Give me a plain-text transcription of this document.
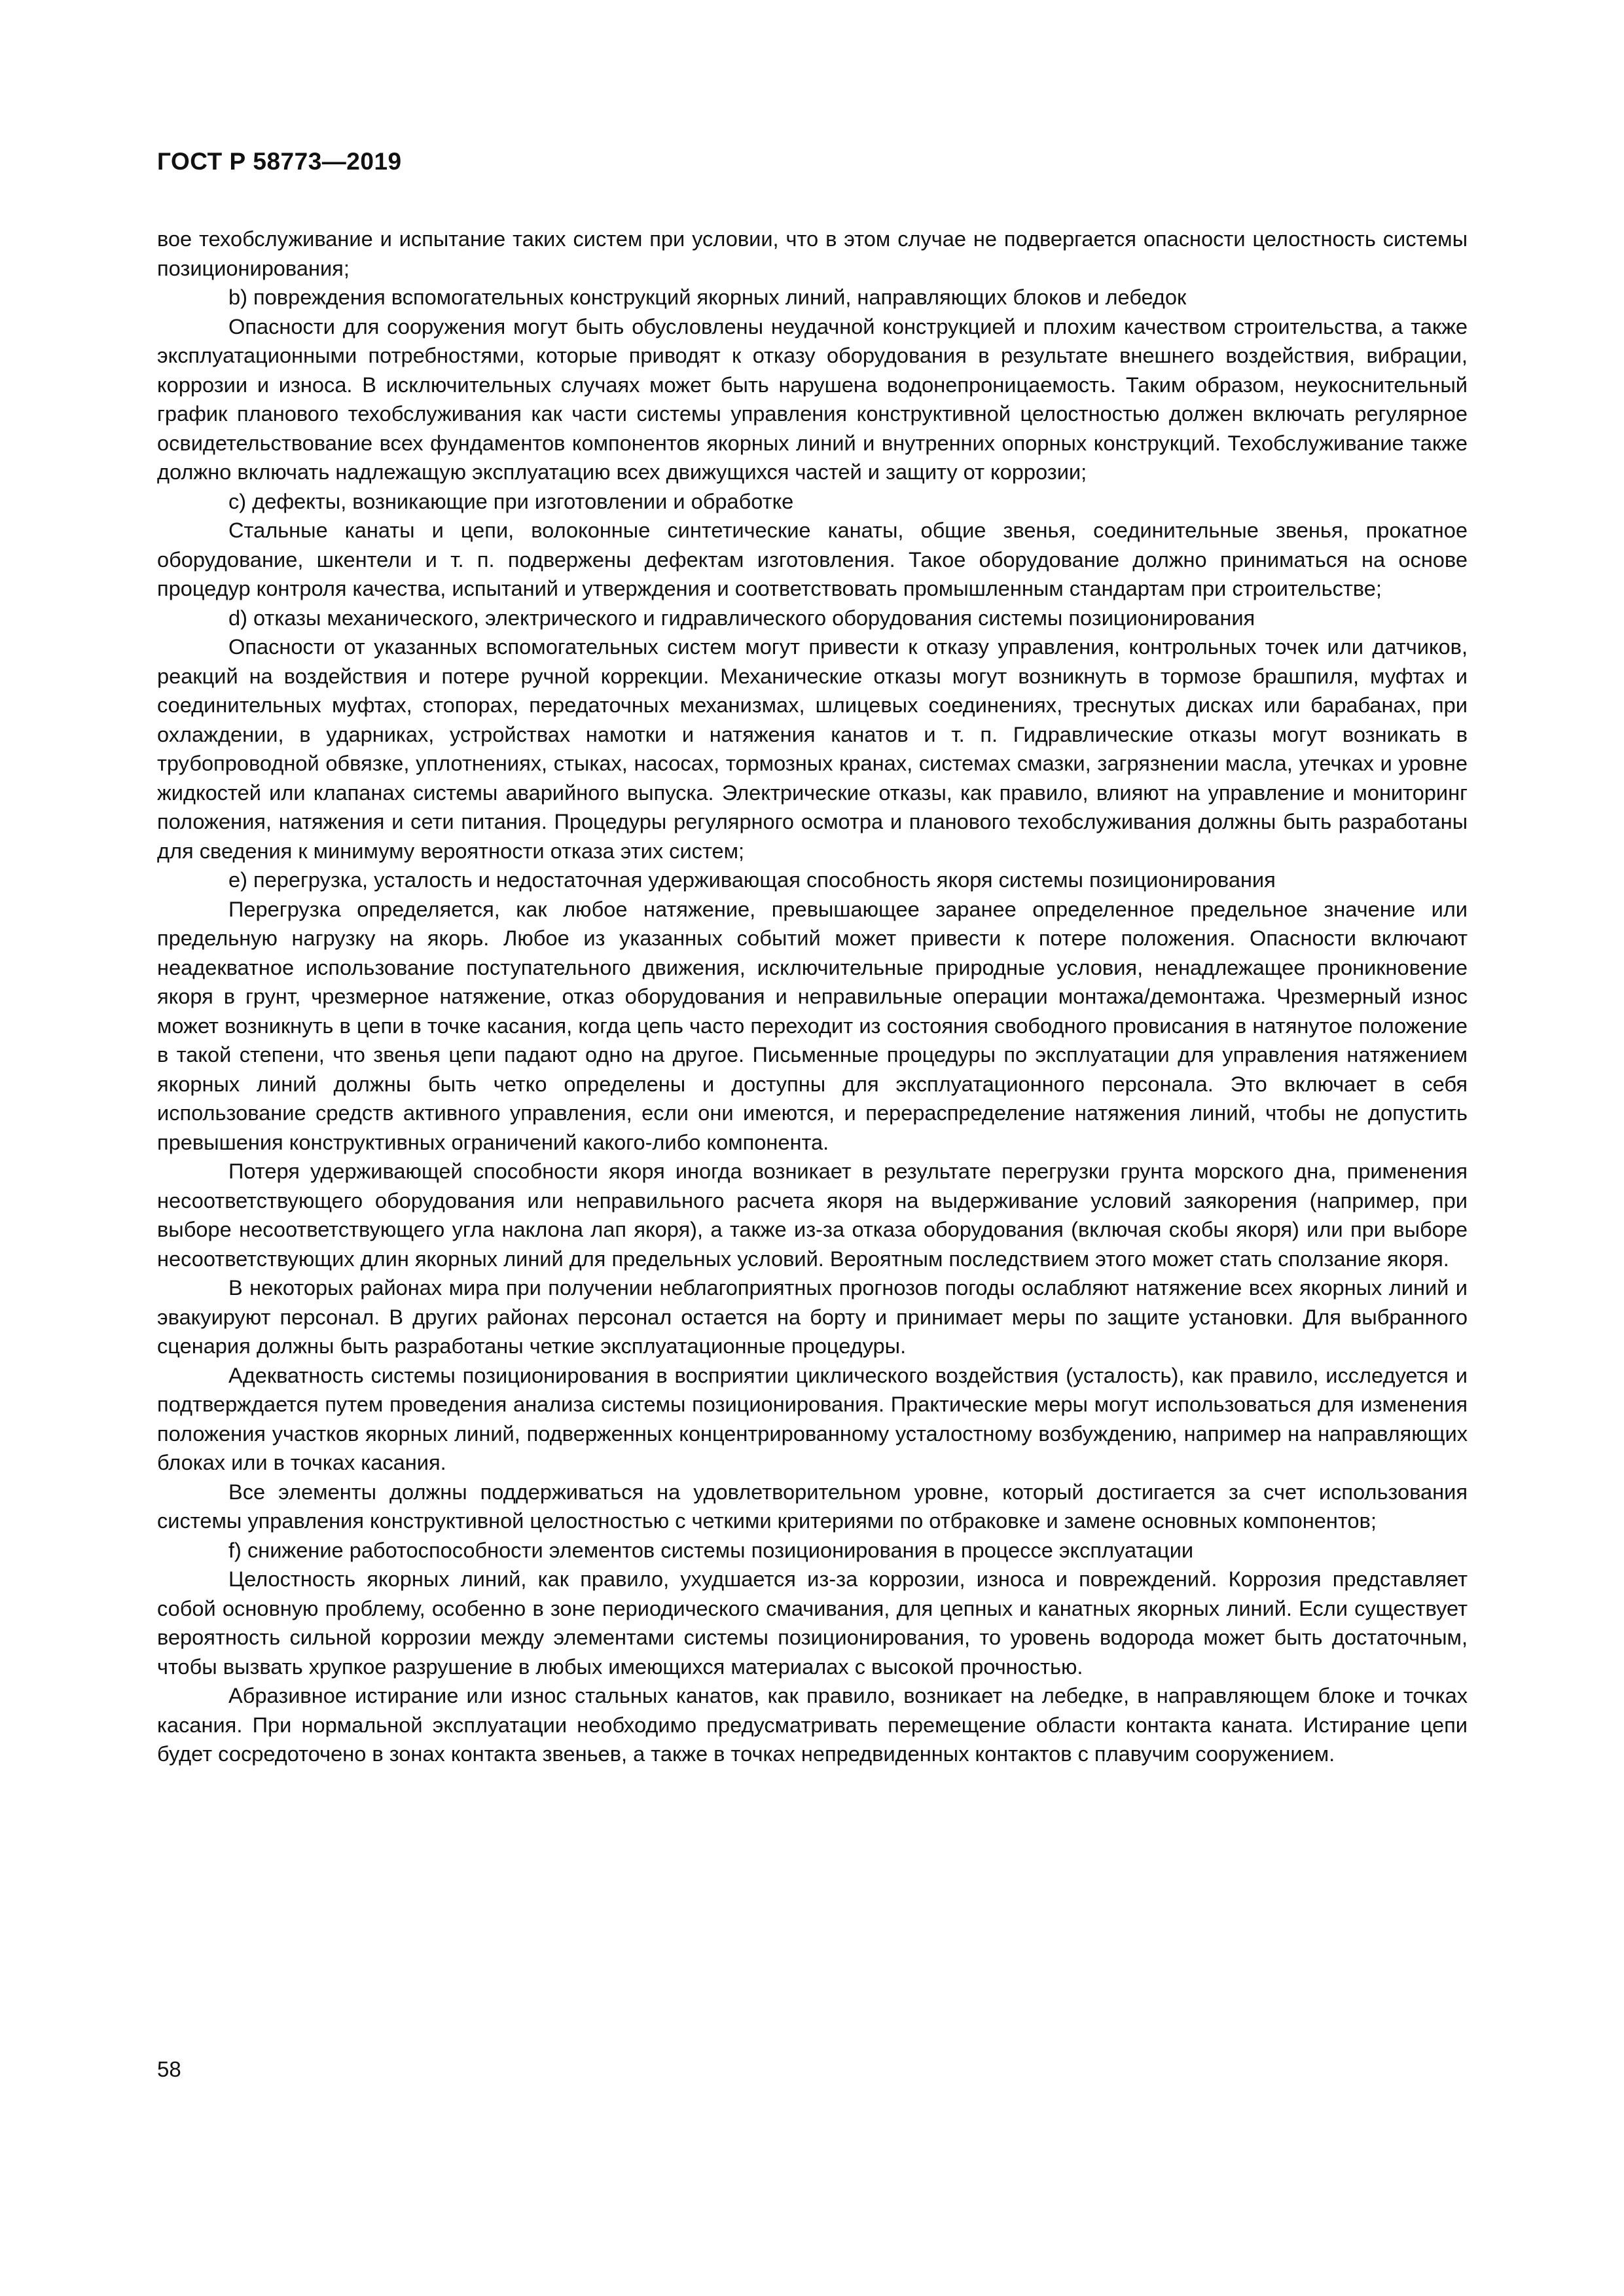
ГОСТ Р 58773—2019

вое техобслуживание и испытание таких систем при условии, что в этом случае не подвергается опасности целостность системы позиционирования;

b) повреждения вспомогательных конструкций якорных линий, направляющих блоков и лебедок

Опасности для сооружения могут быть обусловлены неудачной конструкцией и плохим качеством строительства, а также эксплуатационными потребностями, которые приводят к отказу оборудования в результате внешнего воздействия, вибрации, коррозии и износа. В исключительных случаях может быть нарушена водонепроницаемость. Таким образом, неукоснительный график планового техобслуживания как части системы управления конструктивной целостностью должен включать регулярное освидетельствование всех фундаментов компонентов якорных линий и внутренних опорных конструкций. Техобслуживание также должно включать надлежащую эксплуатацию всех движущихся частей и защиту от коррозии;

c) дефекты, возникающие при изготовлении и обработке

Стальные канаты и цепи, волоконные синтетические канаты, общие звенья, соединительные звенья, прокатное оборудование, шкентели и т. п. подвержены дефектам изготовления. Такое оборудование должно приниматься на основе процедур контроля качества, испытаний и утверждения и соответствовать промышленным стандартам при строительстве;

d) отказы механического, электрического и гидравлического оборудования системы позиционирования

Опасности от указанных вспомогательных систем могут привести к отказу управления, контрольных точек или датчиков, реакций на воздействия и потере ручной коррекции. Механические отказы могут возникнуть в тормозе брашпиля, муфтах и соединительных муфтах, стопорах, передаточных механизмах, шлицевых соединениях, треснутых дисках или барабанах, при охлаждении, в ударниках, устройствах намотки и натяжения канатов и т. п. Гидравлические отказы могут возникать в трубопроводной обвязке, уплотнениях, стыках, насосах, тормозных кранах, системах смазки, загрязнении масла, утечках и уровне жидкостей или клапанах системы аварийного выпуска. Электрические отказы, как правило, влияют на управление и мониторинг положения, натяжения и сети питания. Процедуры регулярного осмотра и планового техобслуживания должны быть разработаны для сведения к минимуму вероятности отказа этих систем;

e) перегрузка, усталость и недостаточная удерживающая способность якоря системы позиционирования

Перегрузка определяется, как любое натяжение, превышающее заранее определенное предельное значение или предельную нагрузку на якорь. Любое из указанных событий может привести к потере положения. Опасности включают неадекватное использование поступательного движения, исключительные природные условия, ненадлежащее проникновение якоря в грунт, чрезмерное натяжение, отказ оборудования и неправильные операции монтажа/демонтажа. Чрезмерный износ может возникнуть в цепи в точке касания, когда цепь часто переходит из состояния свободного провисания в натянутое положение в такой степени, что звенья цепи падают одно на другое. Письменные процедуры по эксплуатации для управления натяжением якорных линий должны быть четко определены и доступны для эксплуатационного персонала. Это включает в себя использование средств активного управления, если они имеются, и перераспределение натяжения линий, чтобы не допустить превышения конструктивных ограничений какого-либо компонента.

Потеря удерживающей способности якоря иногда возникает в результате перегрузки грунта морского дна, применения несоответствующего оборудования или неправильного расчета якоря на выдерживание условий заякорения (например, при выборе несоответствующего угла наклона лап якоря), а также из-за отказа оборудования (включая скобы якоря) или при выборе несоответствующих длин якорных линий для предельных условий. Вероятным последствием этого может стать сползание якоря.

В некоторых районах мира при получении неблагоприятных прогнозов погоды ослабляют натяжение всех якорных линий и эвакуируют персонал. В других районах персонал остается на борту и принимает меры по защите установки. Для выбранного сценария должны быть разработаны четкие эксплуатационные процедуры.

Адекватность системы позиционирования в восприятии циклического воздействия (усталость), как правило, исследуется и подтверждается путем проведения анализа системы позиционирования. Практические меры могут использоваться для изменения положения участков якорных линий, подверженных концентрированному усталостному возбуждению, например на направляющих блоках или в точках касания.

Все элементы должны поддерживаться на удовлетворительном уровне, который достигается за счет использования системы управления конструктивной целостностью с четкими критериями по отбраковке и замене основных компонентов;

f) снижение работоспособности элементов системы позиционирования в процессе эксплуатации

Целостность якорных линий, как правило, ухудшается из-за коррозии, износа и повреждений. Коррозия представляет собой основную проблему, особенно в зоне периодического смачивания, для цепных и канатных якорных линий. Если существует вероятность сильной коррозии между элементами системы позиционирования, то уровень водорода может быть достаточным, чтобы вызвать хрупкое разрушение в любых имеющихся материалах с высокой прочностью.

Абразивное истирание или износ стальных канатов, как правило, возникает на лебедке, в направляющем блоке и точках касания. При нормальной эксплуатации необходимо предусматривать перемещение области контакта каната. Истирание цепи будет сосредоточено в зонах контакта звеньев, а также в точках непредвиденных контактов с плавучим сооружением.

58
